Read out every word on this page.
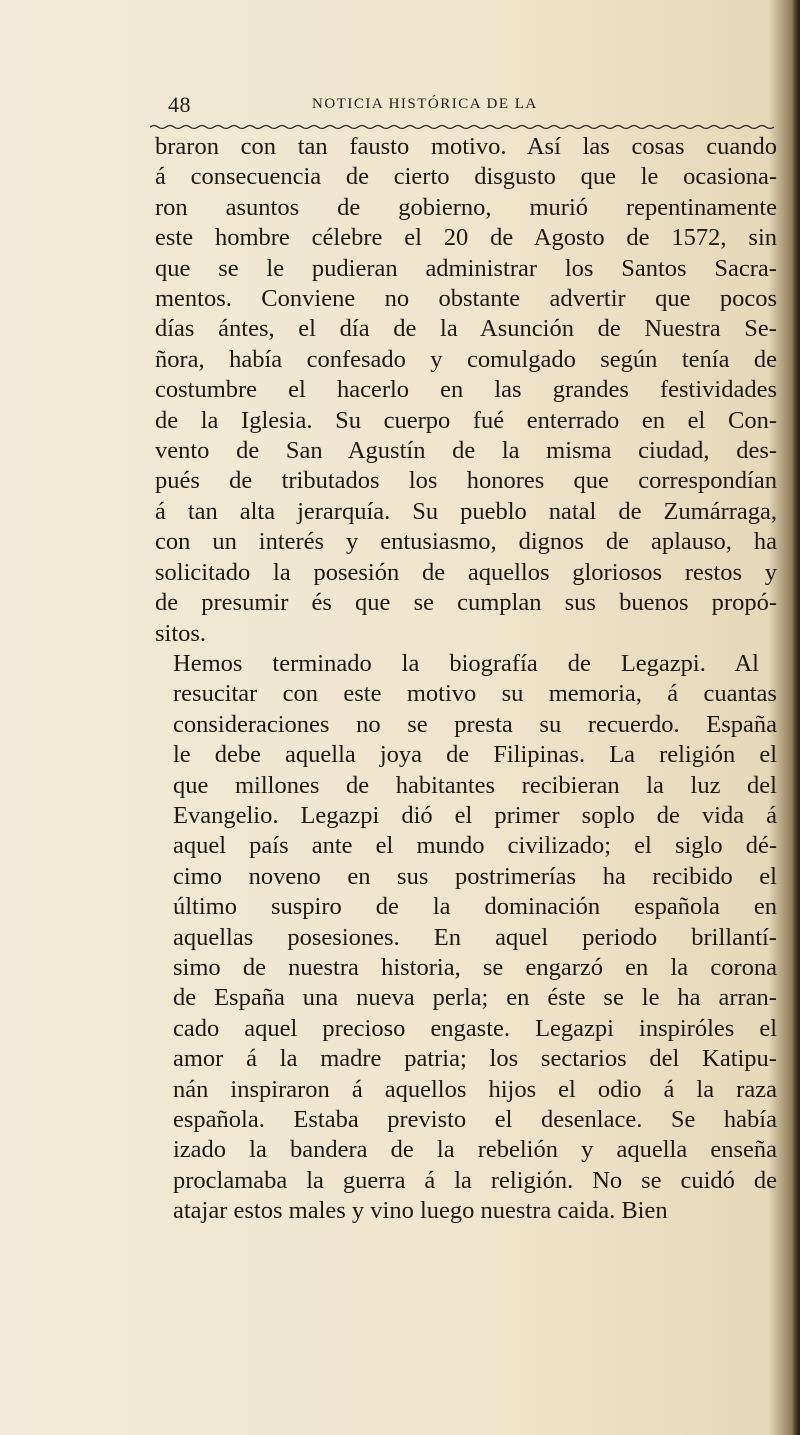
48	NOTICIA HISTÓRICA DE LA

braron con tan fausto motivo. Así las cosas cuando
á consecuencia de cierto disgusto que le ocasiona-
ron asuntos de gobierno, murió repentinamente
este hombre célebre el 20 de Agosto de 1572, sin
que se le pudieran administrar los Santos Sacra-
mentos. Conviene no obstante advertir que pocos
días ántes, el día de la Asunción de Nuestra Se-
ñora, había confesado y comulgado según tenía de
costumbre el hacerlo en las grandes festividades
de la Iglesia. Su cuerpo fué enterrado en el Con-
vento de San Agustín de la misma ciudad, des-
pués de tributados los honores que correspondían
á tan alta jerarquía. Su pueblo natal de Zumárraga,
con un interés y entusiasmo, dignos de aplauso, ha
solicitado la posesión de aquellos gloriosos restos y
de presumir és que se cumplan sus buenos propó-
sitos.

Hemos terminado la biografía de Legazpi. Al
resucitar con este motivo su memoria, á cuantas
consideraciones no se presta su recuerdo. España
le debe aquella joya de Filipinas. La religión el
que millones de habitantes recibieran la luz del
Evangelio. Legazpi dió el primer soplo de vida á
aquel país ante el mundo civilizado; el siglo dé-
cimo noveno en sus postrimerías ha recibido el
último suspiro de la dominación española en
aquellas posesiones. En aquel periodo brillantí-
simo de nuestra historia, se engarzó en la corona
de España una nueva perla; en éste se le ha arran-
cado aquel precioso engaste. Legazpi inspiróles el
amor á la madre patria; los sectarios del Katipu-
nán inspiraron á aquellos hijos el odio á la raza
española. Estaba previsto el desenlace. Se había
izado la bandera de la rebelión y aquella enseña
proclamaba la guerra á la religión. No se cuidó de
atajar estos males y vino luego nuestra caida. Bien
